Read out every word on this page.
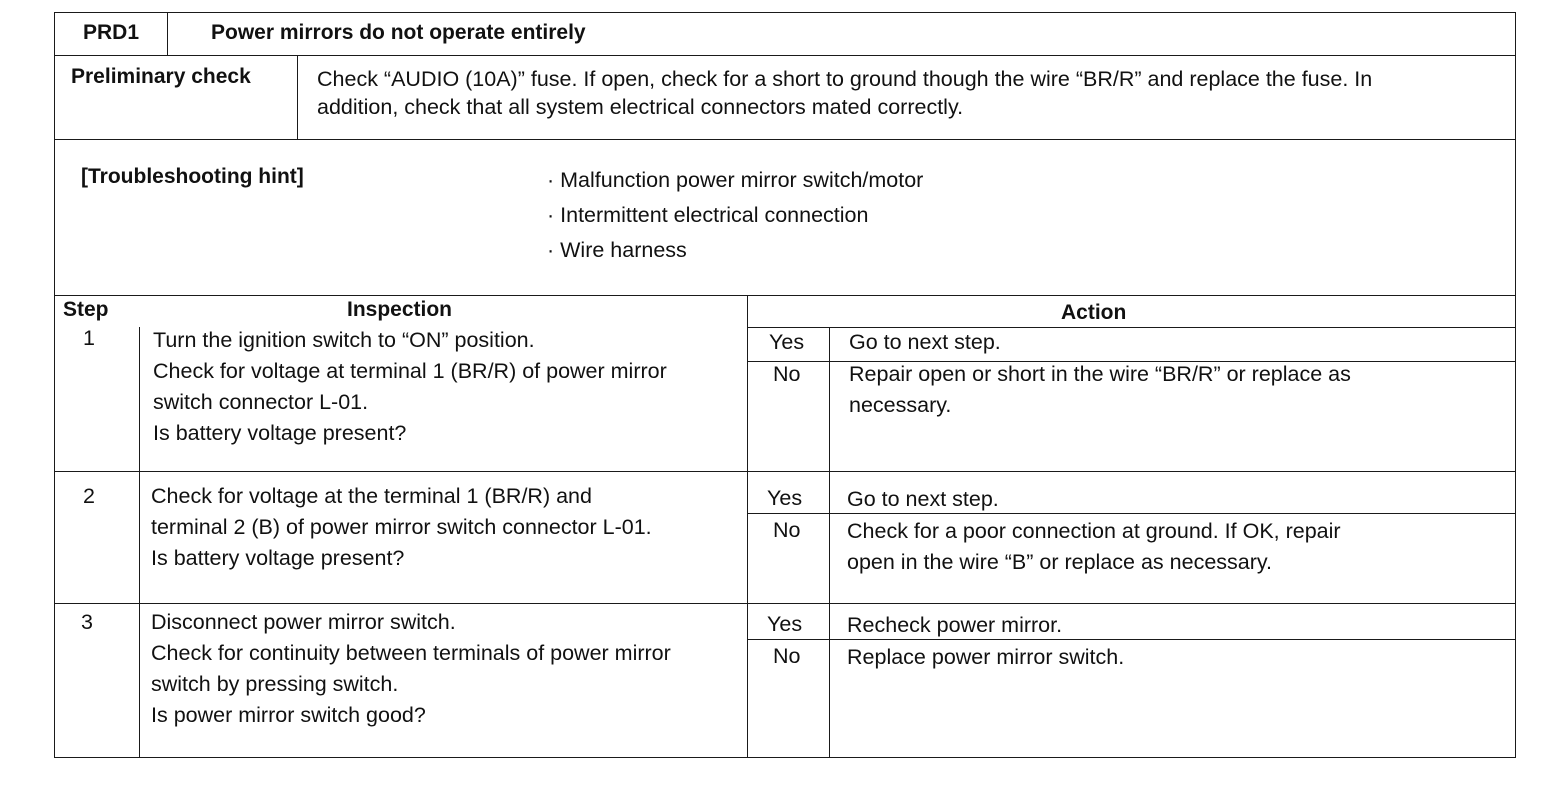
PRD1	Power mirrors do not operate entirely
Preliminary check	Check “AUDIO (10A)” fuse. If open, check for a short to ground though the wire “BR/R” and replace the fuse. In
addition, check that all system electrical connectors mated correctly.
[Troubleshooting hint]	· Malfunction power mirror switch/motor
· Intermittent electrical connection
· Wire harness
Step	Inspection	Action
1	Turn the ignition switch to “ON” position.
Check for voltage at terminal 1 (BR/R) of power mirror
switch connector L-01.
Is battery voltage present?
Yes Go to next step.
No Repair open or short in the wire “BR/R” or replace as
necessary.
2	Check for voltage at the terminal 1 (BR/R) and
terminal 2 (B) of power mirror switch connector L-01.
Is battery voltage present?
Yes Go to next step.
No Check for a poor connection at ground. If OK, repair
open in the wire “B” or replace as necessary.
3	Disconnect power mirror switch.
Check for continuity between terminals of power mirror
switch by pressing switch.
Is power mirror switch good?
Yes Recheck power mirror.
No Replace power mirror switch.
